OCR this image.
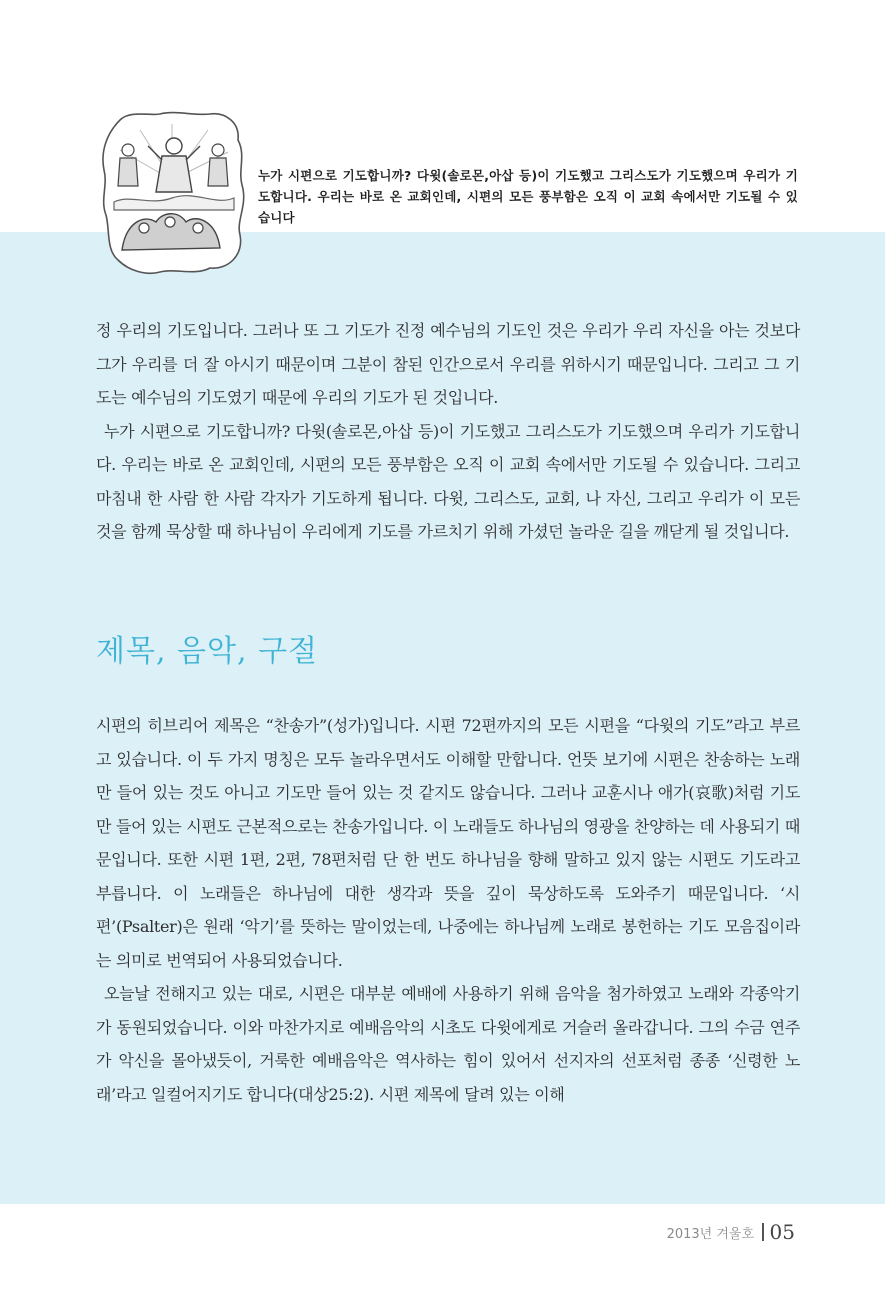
누가 시편으로 기도합니까? 다윗(솔로몬,아삽 등)이 기도했고 그리스도가 기도했으며 우리가 기도합니다. 우리는 바로 온 교회인데, 시편의 모든 풍부함은 오직 이 교회 속에서만 기도될 수 있습니다

정 우리의 기도입니다. 그러나 또 그 기도가 진정 예수님의 기도인 것은 우리가 우리 자신을 아는 것보다 그가 우리를 더 잘 아시기 때문이며 그분이 참된 인간으로서 우리를 위하시기 때문입니다. 그리고 그 기도는 예수님의 기도였기 때문에 우리의 기도가 된 것입니다.

누가 시편으로 기도합니까? 다윗(솔로몬,아삽 등)이 기도했고 그리스도가 기도했으며 우리가 기도합니다. 우리는 바로 온 교회인데, 시편의 모든 풍부함은 오직 이 교회 속에서만 기도될 수 있습니다. 그리고 마침내 한 사람 한 사람 각자가 기도하게 됩니다. 다윗, 그리스도, 교회, 나 자신, 그리고 우리가 이 모든 것을 함께 묵상할 때 하나님이 우리에게 기도를 가르치기 위해 가셨던 놀라운 길을 깨닫게 될 것입니다.

제목, 음악, 구절

시편의 히브리어 제목은 “찬송가”(성가)입니다. 시편 72편까지의 모든 시편을 “다윗의 기도”라고 부르고 있습니다. 이 두 가지 명칭은 모두 놀라우면서도 이해할 만합니다. 언뜻 보기에 시편은 찬송하는 노래만 들어 있는 것도 아니고 기도만 들어 있는 것 같지도 않습니다. 그러나 교훈시나 애가(哀歌)처럼 기도만 들어 있는 시편도 근본적으로는 찬송가입니다. 이 노래들도 하나님의 영광을 찬양하는 데 사용되기 때문입니다. 또한 시편 1편, 2편, 78편처럼 단 한 번도 하나님을 향해 말하고 있지 않는 시편도 기도라고 부릅니다. 이 노래들은 하나님에 대한 생각과 뜻을 깊이 묵상하도록 도와주기 때문입니다. ‘시편’(Psalter)은 원래 ‘악기’를 뜻하는 말이었는데, 나중에는 하나님께 노래로 봉헌하는 기도 모음집이라는 의미로 번역되어 사용되었습니다.

오늘날 전해지고 있는 대로, 시편은 대부분 예배에 사용하기 위해 음악을 첨가하였고 노래와 각종악기가 동원되었습니다. 이와 마찬가지로 예배음악의 시초도 다윗에게로 거슬러 올라갑니다. 그의 수금 연주가 악신을 몰아냈듯이, 거룩한 예배음악은 역사하는 힘이 있어서 선지자의 선포처럼 종종 ‘신령한 노래’라고 일컬어지기도 합니다(대상25:2). 시편 제목에 달려 있는 이해

2013년 겨울호 05
